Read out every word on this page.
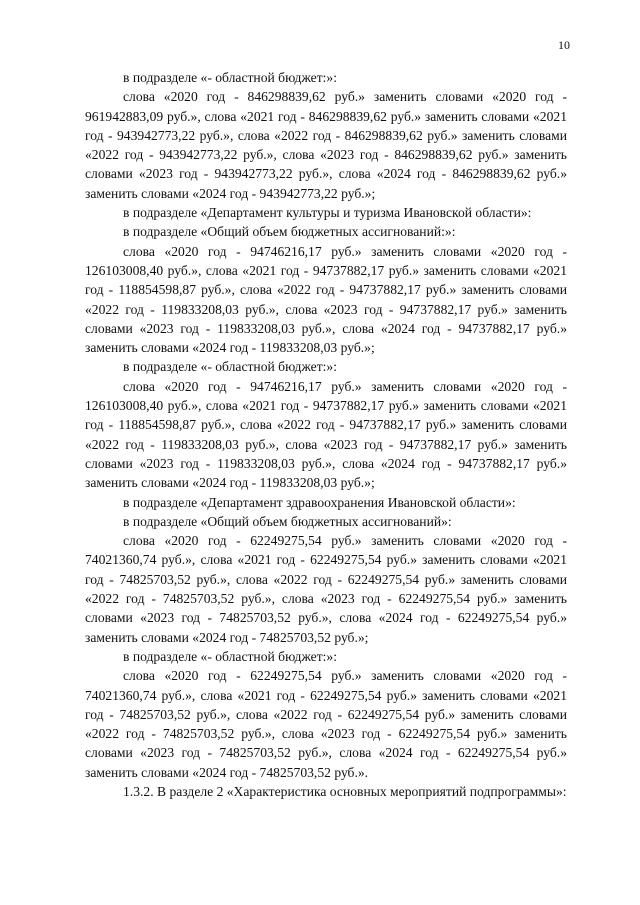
10

в подразделе «- областной бюджет:»:

слова «2020 год - 846298839,62 руб.» заменить словами «2020 год - 961942883,09 руб.», слова «2021 год - 846298839,62 руб.» заменить словами «2021 год - 943942773,22 руб.», слова «2022 год - 846298839,62 руб.» заменить словами «2022 год - 943942773,22 руб.», слова «2023 год - 846298839,62 руб.» заменить словами «2023 год - 943942773,22 руб.», слова «2024 год - 846298839,62 руб.» заменить словами «2024 год - 943942773,22 руб.»;

в подразделе «Департамент культуры и туризма Ивановской области»:

в подразделе «Общий объем бюджетных ассигнований:»:

слова «2020 год - 94746216,17 руб.» заменить словами «2020 год - 126103008,40 руб.», слова «2021 год - 94737882,17 руб.» заменить словами «2021 год - 118854598,87 руб.», слова «2022 год - 94737882,17 руб.» заменить словами «2022 год - 119833208,03 руб.», слова «2023 год - 94737882,17 руб.» заменить словами «2023 год - 119833208,03 руб.», слова «2024 год - 94737882,17 руб.» заменить словами «2024 год - 119833208,03 руб.»;

в подразделе «- областной бюджет:»:

слова «2020 год - 94746216,17 руб.» заменить словами «2020 год - 126103008,40 руб.», слова «2021 год - 94737882,17 руб.» заменить словами «2021 год - 118854598,87 руб.», слова «2022 год - 94737882,17 руб.» заменить словами «2022 год - 119833208,03 руб.», слова «2023 год - 94737882,17 руб.» заменить словами «2023 год - 119833208,03 руб.», слова «2024 год - 94737882,17 руб.» заменить словами «2024 год - 119833208,03 руб.»;

в подразделе «Департамент здравоохранения Ивановской области»:

в подразделе «Общий объем бюджетных ассигнований»:

слова «2020 год - 62249275,54 руб.» заменить словами «2020 год - 74021360,74 руб.», слова «2021 год - 62249275,54 руб.» заменить словами «2021 год - 74825703,52 руб.», слова «2022 год - 62249275,54 руб.» заменить словами «2022 год - 74825703,52 руб.», слова «2023 год - 62249275,54 руб.» заменить словами «2023 год - 74825703,52 руб.», слова «2024 год - 62249275,54 руб.» заменить словами «2024 год - 74825703,52 руб.»;

в подразделе «- областной бюджет:»:

слова «2020 год - 62249275,54 руб.» заменить словами «2020 год - 74021360,74 руб.», слова «2021 год - 62249275,54 руб.» заменить словами «2021 год - 74825703,52 руб.», слова «2022 год - 62249275,54 руб.» заменить словами «2022 год - 74825703,52 руб.», слова «2023 год - 62249275,54 руб.» заменить словами «2023 год - 74825703,52 руб.», слова «2024 год - 62249275,54 руб.» заменить словами «2024 год - 74825703,52 руб.».

1.3.2. В разделе 2 «Характеристика основных мероприятий подпрограммы»:
